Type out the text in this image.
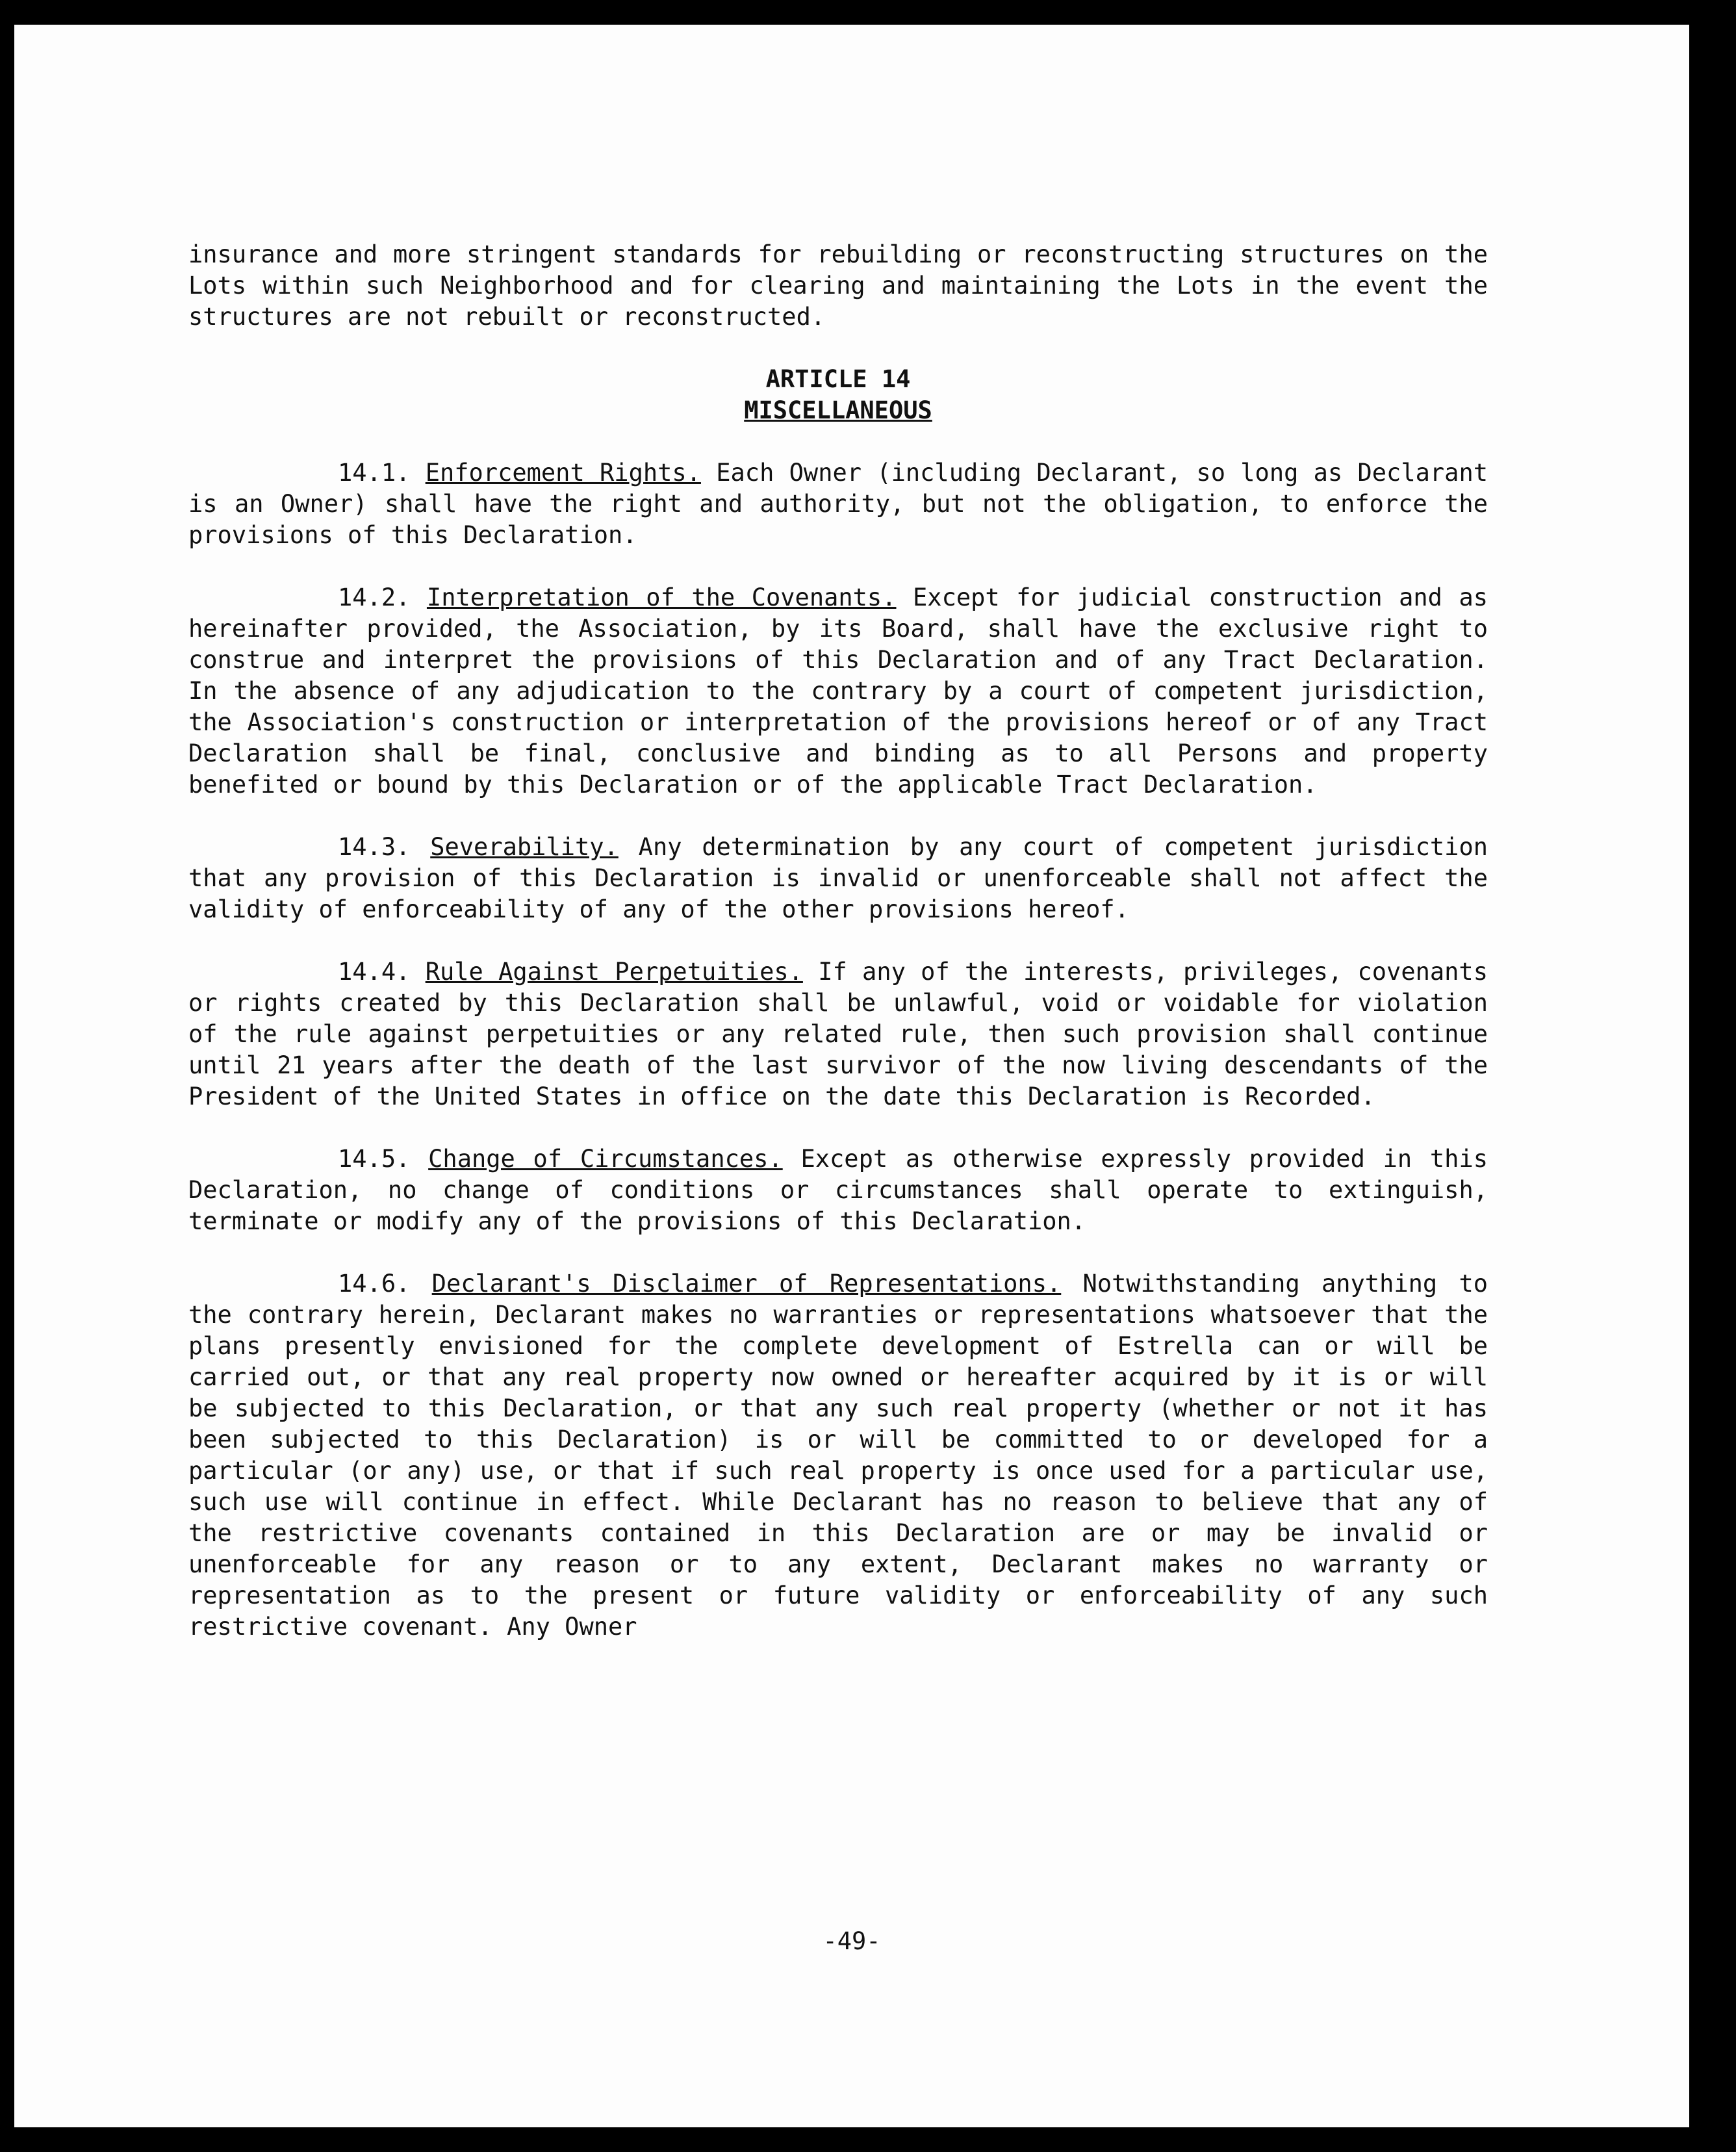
insurance and more stringent standards for rebuilding or reconstructing structures on the Lots within such Neighborhood and for clearing and maintaining the Lots in the event the structures are not rebuilt or reconstructed.

ARTICLE 14

MISCELLANEOUS

14.1. Enforcement Rights. Each Owner (including Declarant, so long as Declarant is an Owner) shall have the right and authority, but not the obligation, to enforce the provisions of this Declaration.

14.2. Interpretation of the Covenants. Except for judicial construction and as hereinafter provided, the Association, by its Board, shall have the exclusive right to construe and interpret the provisions of this Declaration and of any Tract Declaration. In the absence of any adjudication to the contrary by a court of competent jurisdiction, the Association's construction or interpretation of the provisions hereof or of any Tract Declaration shall be final, conclusive and binding as to all Persons and property benefited or bound by this Declaration or of the applicable Tract Declaration.

14.3. Severability. Any determination by any court of competent jurisdiction that any provision of this Declaration is invalid or unenforceable shall not affect the validity of enforceability of any of the other provisions hereof.

14.4. Rule Against Perpetuities. If any of the interests, privileges, covenants or rights created by this Declaration shall be unlawful, void or voidable for violation of the rule against perpetuities or any related rule, then such provision shall continue until 21 years after the death of the last survivor of the now living descendants of the President of the United States in office on the date this Declaration is Recorded.

14.5. Change of Circumstances. Except as otherwise expressly provided in this Declaration, no change of conditions or circumstances shall operate to extinguish, terminate or modify any of the provisions of this Declaration.

14.6. Declarant's Disclaimer of Representations. Notwithstanding anything to the contrary herein, Declarant makes no warranties or representations whatsoever that the plans presently envisioned for the complete development of Estrella can or will be carried out, or that any real property now owned or hereafter acquired by it is or will be subjected to this Declaration, or that any such real property (whether or not it has been subjected to this Declaration) is or will be committed to or developed for a particular (or any) use, or that if such real property is once used for a particular use, such use will continue in effect. While Declarant has no reason to believe that any of the restrictive covenants contained in this Declaration are or may be invalid or unenforceable for any reason or to any extent, Declarant makes no warranty or representation as to the present or future validity or enforceability of any such restrictive covenant. Any Owner

-49-
